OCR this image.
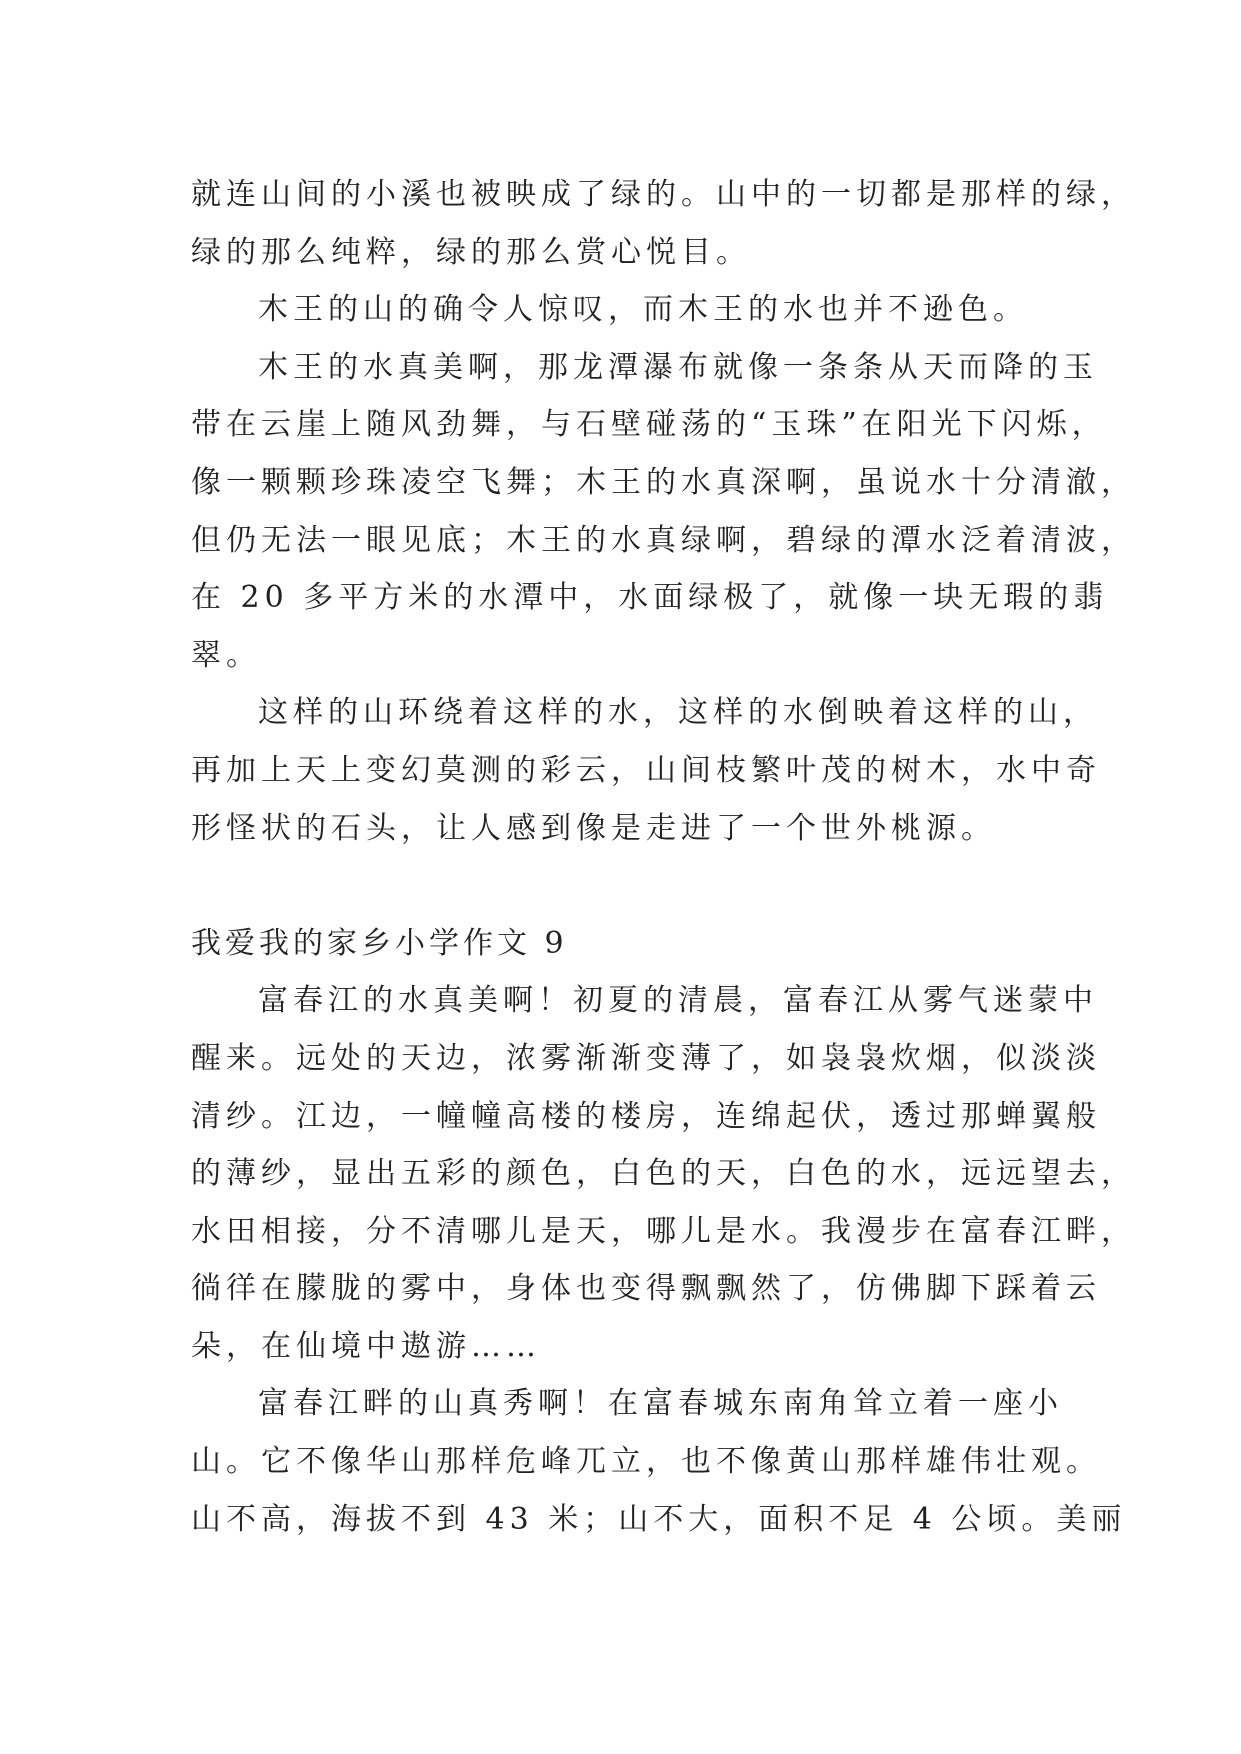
就连山间的小溪也被映成了绿的。山中的一切都是那样的绿，
绿的那么纯粹，绿的那么赏心悦目。
木王的山的确令人惊叹，而木王的水也并不逊色。
木王的水真美啊，那龙潭瀑布就像一条条从天而降的玉
带在云崖上随风劲舞，与石壁碰荡的“玉珠”在阳光下闪烁，
像一颗颗珍珠凌空飞舞；木王的水真深啊，虽说水十分清澈，
但仍无法一眼见底；木王的水真绿啊，碧绿的潭水泛着清波，
在 20 多平方米的水潭中，水面绿极了，就像一块无瑕的翡
翠。
这样的山环绕着这样的水，这样的水倒映着这样的山，
再加上天上变幻莫测的彩云，山间枝繁叶茂的树木，水中奇
形怪状的石头，让人感到像是走进了一个世外桃源。
我爱我的家乡小学作文 9
富春江的水真美啊！初夏的清晨，富春江从雾气迷蒙中
醒来。远处的天边，浓雾渐渐变薄了，如袅袅炊烟，似淡淡
清纱。江边，一幢幢高楼的楼房，连绵起伏，透过那蝉翼般
的薄纱，显出五彩的颜色，白色的天，白色的水，远远望去，
水田相接，分不清哪儿是天，哪儿是水。我漫步在富春江畔，
徜徉在朦胧的雾中，身体也变得飘飘然了，仿佛脚下踩着云
朵，在仙境中遨游……
富春江畔的山真秀啊！在富春城东南角耸立着一座小
山。它不像华山那样危峰兀立，也不像黄山那样雄伟壮观。
山不高，海拔不到 43 米；山不大，面积不足 4 公顷。美丽
